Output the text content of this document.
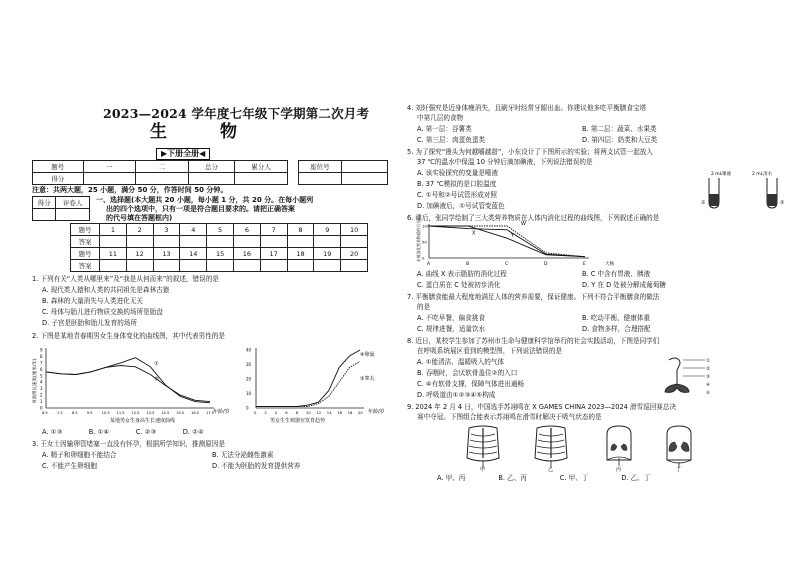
2023—2024 学年度七年级下学期第二次月考
生　物
▶下册全册◀
题号	一	二	总分	累分人		座位号	
得分							
注意：共两大题，25 小题，满分 50 分，作答时间 50 分钟。
得分	评卷人
	一、选择题(本大题共 20 小题，每小题 1 分，共 20 分。在每小题列
出的四个选项中，只有一项是符合题目要求的。请把正确答案
的代号填在答题框内)
题号	1	2	3	4	5	6	7	8	9	10
答案										
题号	11	12	13	14	15	16	17	18	19	20
答案										
1. 下列有关“人类从哪里来”及“我是从何而来”的叙述，错误的是
A. 现代类人猿和人类的共同祖先是森林古猿
B. 森林的大量消失与人类进化无关
C. 母体与胎儿进行物质交换的场所是胎盘
D. 子宫是胚胎和胎儿发育的场所
2. 下图是某地青春期男女生身体变化的曲线图，其中代表男性的是
0
1
2
3
4
5
6
7
8
9
6.5	7.5	8.5	9.5	10.5 11.5 12.5 13.5 14.5 15.5 16.5 17.5
①
②
某地男女生身高生长速度曲线
年龄/岁
身高增长速度(厘米/年)
0
10
20
30
40
0 2 4 6 8 10 12 14 16 18 20
男女生生殖器官发育趋势
年龄/岁
④卵巢
③睾丸
A. ①③　　　　B. ①④　　　　C. ②③　　　　D. ②④
3. 王女士因输卵管堵塞一直没有怀孕，根据所学知识，推测原因是
A. 精子和卵细胞不能结合	B. 无法分泌雌性激素
C. 不能产生卵细胞	D. 不能为胚胎的发育提供营养
4. 刘轩强究是近身体瘦消失，且刷牙时经常牙龈出血。你建议他多吃平衡膳食宝塔
中第几层的食物
A. 第一层：谷薯类	B. 第二层：蔬菜、水果类
C. 第三层：肉蛋鱼蛋类	D. 第四层：奶类和大豆类
5. 为了探究“馒头为何越嚼越甜”，小东设计了下图所示的实验；将两支试管一起放入
37 ℃的温水中保温 10 分钟后滴加碘液，下列说法错误的是
A. 该实验探究的变量是唾液
B. 37 ℃模拟的是口腔温度
C. ①号和②号试管形成对照
D. 加碘液后，①号试管变蓝色
2 mL唾液	2 mL清水
①	②
6. 课后，张同学绘制了三大类营养物质在人体内消化过程的曲线图，下列叙述正确的是
0
50
100
未被消化营养物质的百分比
A	B	C	D	E	大肠
X	Y
W
A. 曲线 X 表示脂肪的消化过程	B. C 中含有胃液、胰液
C. 蛋白质在 C 处被初步消化	D. Y 在 D 处被分解成葡萄糖
7. 平衡膳食能最大程度地满足人体的营养需要，保证健康。下列不符合平衡膳食的做法
的是
A. 不吃早餐，偏食挑食	B. 吃动平衡，健康体重
C. 规律进餐，适量饮水	D. 食物多样，合理搭配
8. 近日，某校学生参加了苏州市生命与健康科学馆举行的社会实践活动，下图是同学们
在呼吸系统展区看到的模型图，下列说法错误的是
A. ①能清洁、温暖吸入的气体
B. 吞咽时，会厌软骨盖住②的入口
C. ④有软骨支撑，保障气体进出通畅
D. 呼吸道由①②③④⑤构成
①
②
③
④
⑤
9. 2024 年 2 月 4 日，中国选手苏翊鸣在 X GAMES CHINA 2023—2024 滑雪巡回赛总决
赛中夺冠。下图组合能表示苏翊鸣在滑雪时解决于吸气状态的是
甲	乙	丙	丁
A. 甲、丙　　　　　B. 乙、丙　　　　　C. 甲、丁　　　　　D. 乙、丁
